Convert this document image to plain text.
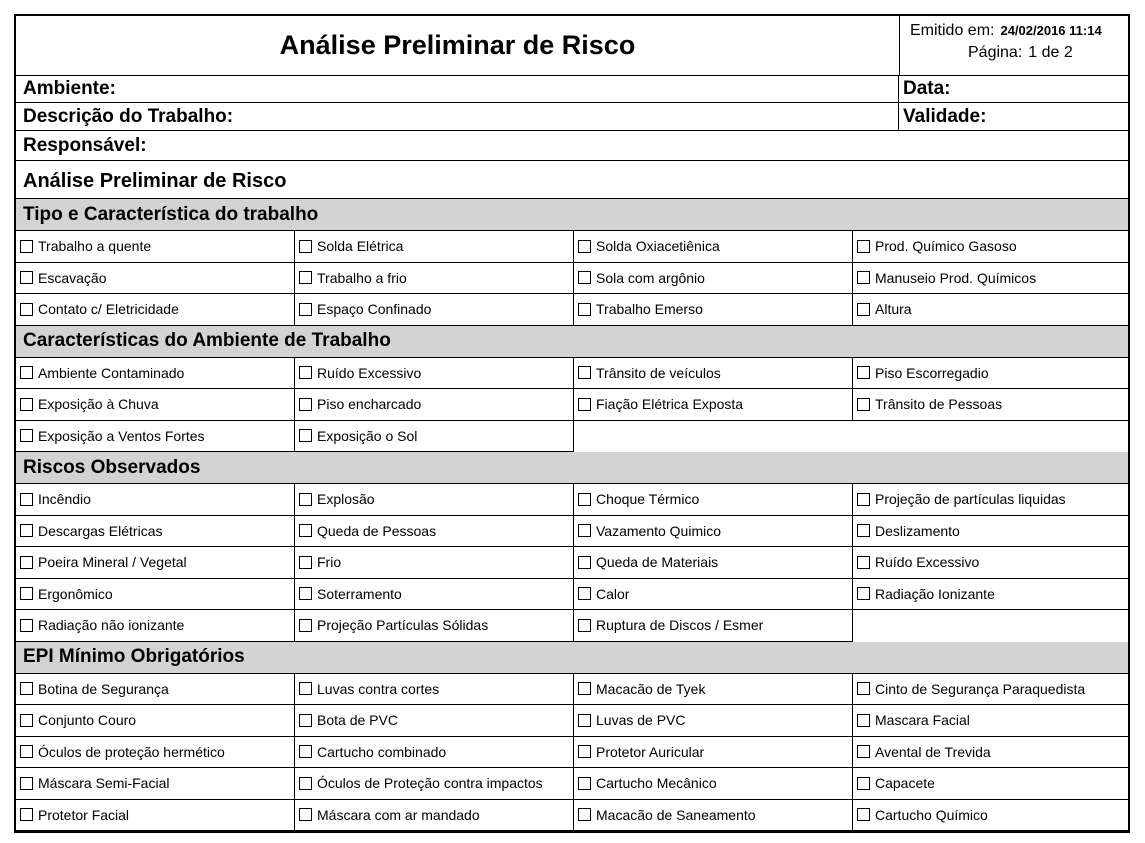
Análise Preliminar de Risco	Emitido em: 24/02/2016 11:14
Página: 1 de 2
Ambiente:	Data:
Descrição do Trabalho:	Validade:
Responsável:
Análise Preliminar de Risco
Tipo e Característica do trabalho
Trabalho a quente	Solda Elétrica	Solda Oxiacetiênica	Prod. Químico Gasoso
Escavação	Trabalho a frio	Sola com argônio	Manuseio Prod. Químicos
Contato c/ Eletricidade	Espaço Confinado	Trabalho Emerso	Altura
Características do Ambiente de Trabalho
Ambiente Contaminado	Ruído Excessivo	Trânsito de veículos	Piso Escorregadio
Exposição à Chuva	Piso encharcado	Fiação Elétrica Exposta	Trânsito de Pessoas
Exposição a Ventos Fortes	Exposição o Sol
Riscos Observados
Incêndio	Explosão	Choque Térmico	Projeção de partículas liquidas
Descargas Elétricas	Queda de Pessoas	Vazamento Quimico	Deslizamento
Poeira Mineral / Vegetal	Frio	Queda de Materiais	Ruído Excessivo
Ergonômico	Soterramento	Calor	Radiação Ionizante
Radiação não ionizante	Projeção Partículas Sólidas	Ruptura de Discos / Esmer
EPI Mínimo Obrigatórios
Botina de Segurança	Luvas contra cortes	Macacão de Tyek	Cinto de Segurança Paraquedista
Conjunto Couro	Bota de PVC	Luvas de PVC	Mascara Facial
Óculos de proteção hermético	Cartucho combinado	Protetor Auricular	Avental de Trevida
Máscara Semi-Facial	Óculos de Proteção contra impactos	Cartucho Mecânico	Capacete
Protetor Facial	Máscara com ar mandado	Macacão de Saneamento	Cartucho Químico
